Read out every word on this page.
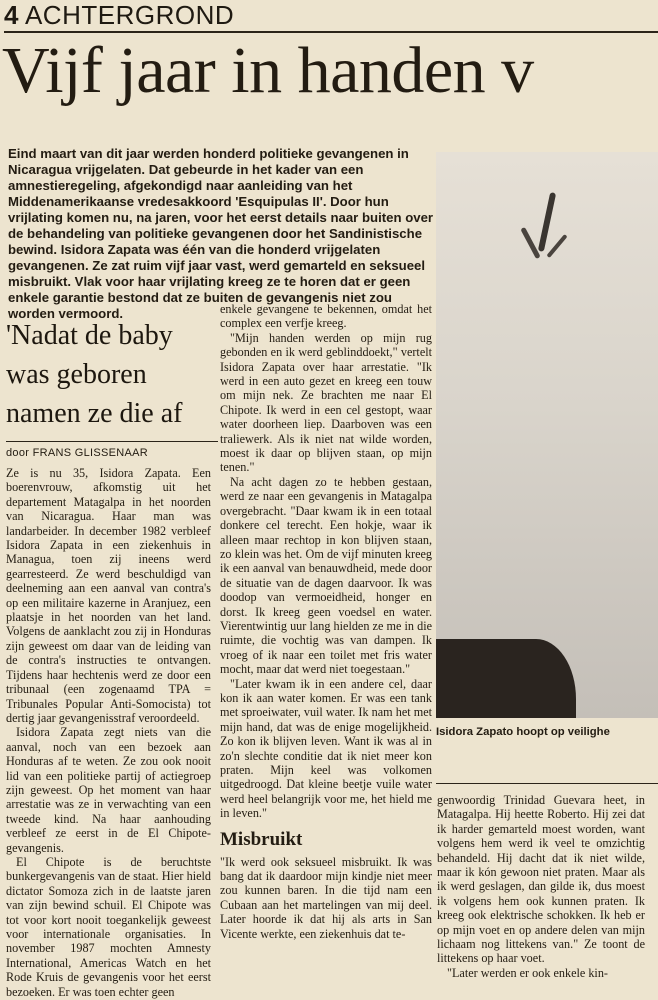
4 ACHTERGROND
Vijf jaar in handen v
Eind maart van dit jaar werden honderd politieke gevangenen in Nicaragua vrijgelaten. Dat gebeurde in het kader van een amnestieregeling, afgekondigd naar aanleiding van het Middenamerikaanse vredesakkoord 'Esquipulas II'. Door hun vrijlating komen nu, na jaren, voor het eerst details naar buiten over de behandeling van politieke gevangenen door het Sandinistische bewind. Isidora Zapata was één van die honderd vrijgelaten gevangenen. Ze zat ruim vijf jaar vast, werd gemarteld en seksueel misbruikt. Vlak voor haar vrijlating kreeg ze te horen dat er geen enkele garantie bestond dat ze buiten de gevangenis niet zou worden vermoord.
'Nadat de baby was geboren namen ze die af
door FRANS GLISSENAAR

Ze is nu 35, Isidora Zapata. Een boerenvrouw, afkomstig uit het departement Matagalpa in het noorden van Nicaragua. Haar man was landarbeider. In december 1982 verbleef Isidora Zapata in een ziekenhuis in Managua, toen zij ineens werd gearresteerd. Ze werd beschuldigd van deelneming aan een aanval van contra's op een militaire kazerne in Aranjuez, een plaatsje in het noorden van het land. Volgens de aanklacht zou zij in Honduras zijn geweest om daar van de leiding van de contra's instructies te ontvangen. Tijdens haar hechtenis werd ze door een tribunaal (een zogenaamd TPA = Tribunales Popular Anti-Somocista) tot dertig jaar gevangenisstraf veroordeeld.

Isidora Zapata zegt niets van die aanval, noch van een bezoek aan Honduras af te weten. Ze zou ook nooit lid van een politieke partij of actiegroep zijn geweest. Op het moment van haar arrestatie was ze in verwachting van een tweede kind. Na haar aanhouding verbleef ze eerst in de El Chipote-gevangenis.

El Chipote is de beruchtste bunkergevangenis van de staat. Hier hield dictator Somoza zich in de laatste jaren van zijn bewind schuil. El Chipote was tot voor kort nooit toegankelijk geweest voor internationale organisaties. In november 1987 mochten Amnesty International, Americas Watch en het Rode Kruis de gevangenis voor het eerst bezoeken. Er was toen echter geen

enkele gevangene te bekennen, omdat het complex een verfje kreeg.

"Mijn handen werden op mijn rug gebonden en ik werd geblinddoekt," vertelt Isidora Zapata over haar arrestatie. "Ik werd in een auto gezet en kreeg een touw om mijn nek. Ze brachten me naar El Chipote. Ik werd in een cel gestopt, waar water doorheen liep. Daarboven was een traliewerk. Als ik niet nat wilde worden, moest ik daar op blijven staan, op mijn tenen."

Na acht dagen zo te hebben gestaan, werd ze naar een gevangenis in Matagalpa overgebracht. "Daar kwam ik in een totaal donkere cel terecht. Een hokje, waar ik alleen maar rechtop in kon blijven staan, zo klein was het. Om de vijf minuten kreeg ik een aanval van benauwdheid, mede door de situatie van de dagen daarvoor. Ik was doodop van vermoeidheid, honger en dorst. Ik kreeg geen voedsel en water. Vierentwintig uur lang hielden ze me in die ruimte, die vochtig was van dampen. Ik vroeg of ik naar een toilet met fris water mocht, maar dat werd niet toegestaan."

"Later kwam ik in een andere cel, daar kon ik aan water komen. Er was een tank met sproeiwater, vuil water. Ik nam het met mijn hand, dat was de enige mogelijkheid. Zo kon ik blijven leven. Want ik was al in zo'n slechte conditie dat ik niet meer kon praten. Mijn keel was volkomen uitgedroogd. Dat kleine beetje vuile water werd heel belangrijk voor me, het hield me in leven."

Misbruikt

"Ik werd ook seksueel misbruikt. Ik was bang dat ik daardoor mijn kindje niet meer zou kunnen baren. In die tijd nam een Cubaan aan het martelingen van mij deel. Later hoorde ik dat hij als arts in San Vicente werkte, een ziekenhuis dat te-

Isidora Zapato hoopt op veilighe

genwoordig Trinidad Guevara heet, in Matagalpa. Hij heette Roberto. Hij zei dat ik harder gemarteld moest worden, want volgens hem werd ik veel te omzichtig behandeld. Hij dacht dat ik niet wilde, maar ik kón gewoon niet praten. Maar als ik werd geslagen, dan gilde ik, dus moest ik volgens hem ook kunnen praten. Ik kreeg ook elektrische schokken. Ik heb er op mijn voet en op andere delen van mijn lichaam nog littekens van." Ze toont de littekens op haar voet.

"Later werden er ook enkele kin-
